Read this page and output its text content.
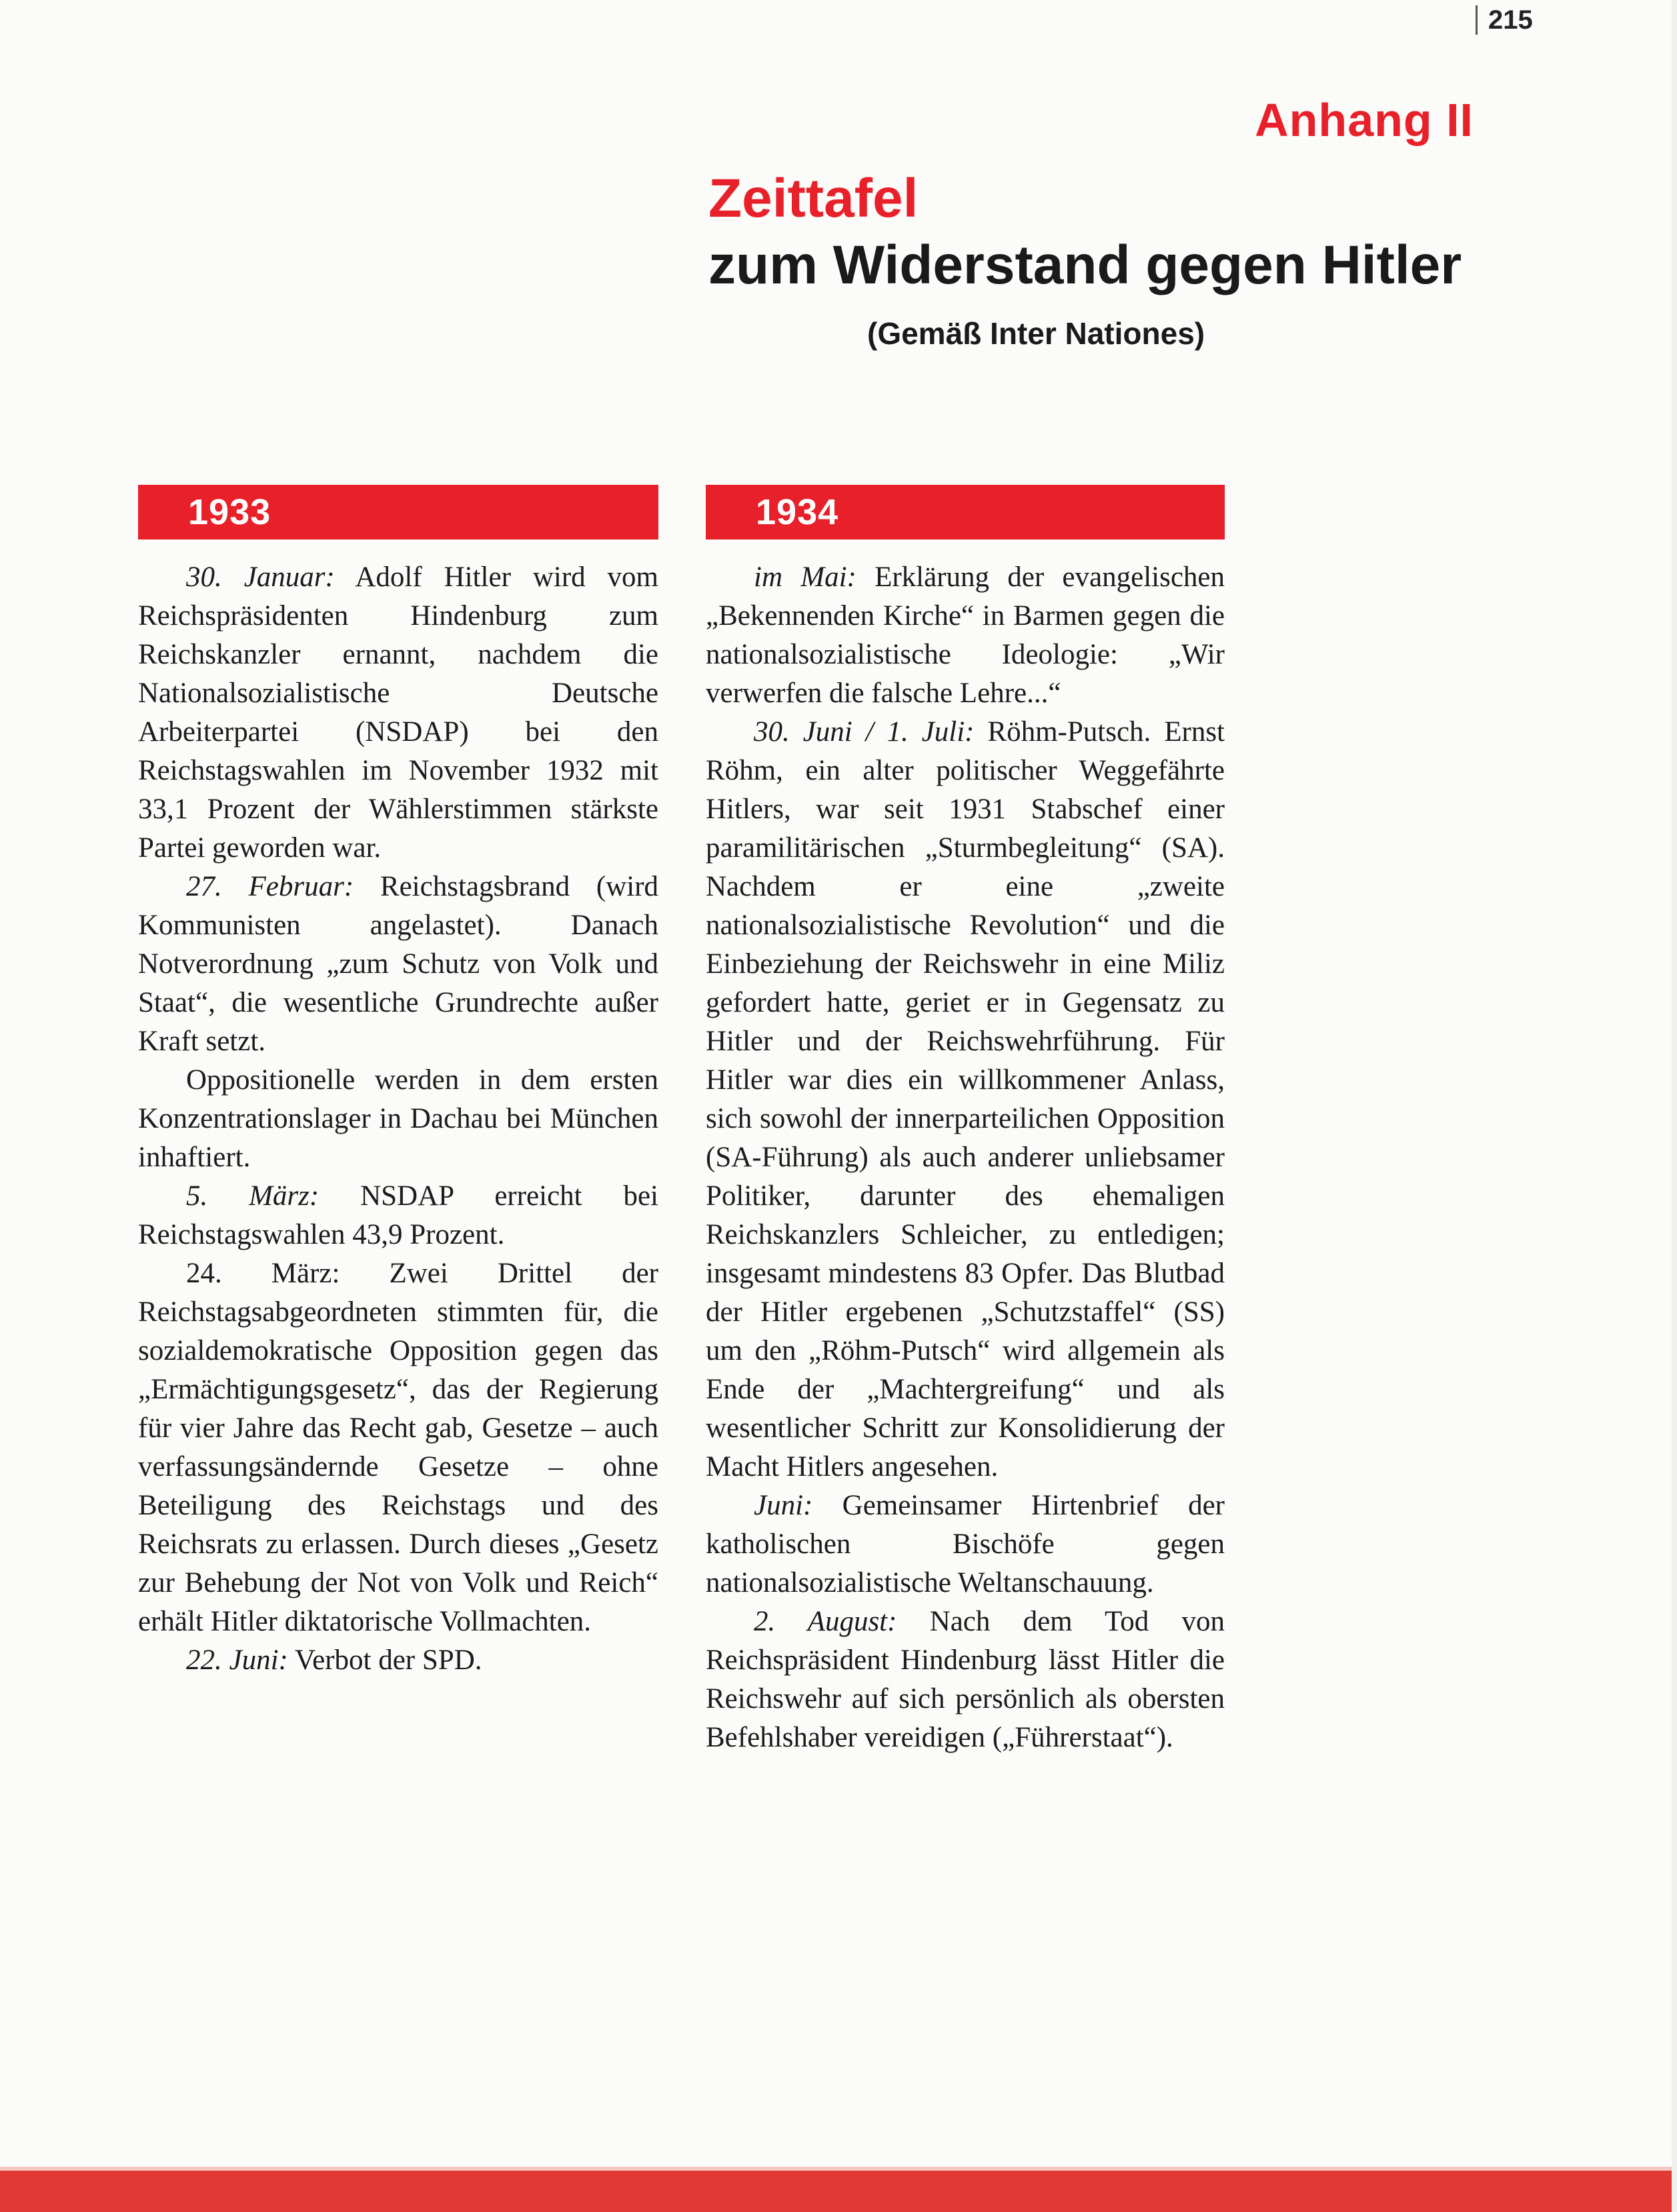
215
Anhang II
Zeittafel
zum Widerstand gegen Hitler
(Gemäß Inter Nationes)
1933

30. Januar: Adolf Hitler wird vom Reichspräsidenten Hindenburg zum Reichskanzler ernannt, nachdem die Nationalsozialistische Deutsche Arbeiterpartei (NSDAP) bei den Reichstagswahlen im November 1932 mit 33,1 Prozent der Wählerstimmen stärkste Partei geworden war.

27. Februar: Reichstagsbrand (wird Kommunisten angelastet). Danach Notverordnung „zum Schutz von Volk und Staat“, die wesentliche Grundrechte außer Kraft setzt.

Oppositionelle werden in dem ersten Konzentrationslager in Dachau bei München inhaftiert.

5. März: NSDAP erreicht bei Reichstagswahlen 43,9 Prozent.

24. März: Zwei Drittel der Reichstagsabgeordneten stimmten für, die sozialdemokratische Opposition gegen das „Ermächtigungsgesetz“, das der Regierung für vier Jahre das Recht gab, Gesetze – auch verfassungsändernde Gesetze – ohne Beteiligung des Reichstags und des Reichsrats zu erlassen. Durch dieses „Gesetz zur Behebung der Not von Volk und Reich“ erhält Hitler diktatorische Vollmachten.

22. Juni: Verbot der SPD.

1934

im Mai: Erklärung der evangelischen „Bekennenden Kirche“ in Barmen gegen die nationalsozialistische Ideologie: „Wir verwerfen die falsche Lehre...“

30. Juni / 1. Juli: Röhm-Putsch. Ernst Röhm, ein alter politischer Weggefährte Hitlers, war seit 1931 Stabschef einer paramilitärischen „Sturmbegleitung“ (SA). Nachdem er eine „zweite nationalsozialistische Revolution“ und die Einbeziehung der Reichswehr in eine Miliz gefordert hatte, geriet er in Gegensatz zu Hitler und der Reichswehrführung. Für Hitler war dies ein willkommener Anlass, sich sowohl der innerparteilichen Opposition (SA-Führung) als auch anderer unliebsamer Politiker, darunter des ehemaligen Reichskanzlers Schleicher, zu entledigen; insgesamt mindestens 83 Opfer. Das Blutbad der Hitler ergebenen „Schutzstaffel“ (SS) um den „Röhm-Putsch“ wird allgemein als Ende der „Machtergreifung“ und als wesentlicher Schritt zur Konsolidierung der Macht Hitlers angesehen.

Juni: Gemeinsamer Hirtenbrief der katholischen Bischöfe gegen nationalsozialistische Weltanschauung.

2. August: Nach dem Tod von Reichspräsident Hindenburg lässt Hitler die Reichswehr auf sich persönlich als obersten Befehlshaber vereidigen („Führerstaat“).
